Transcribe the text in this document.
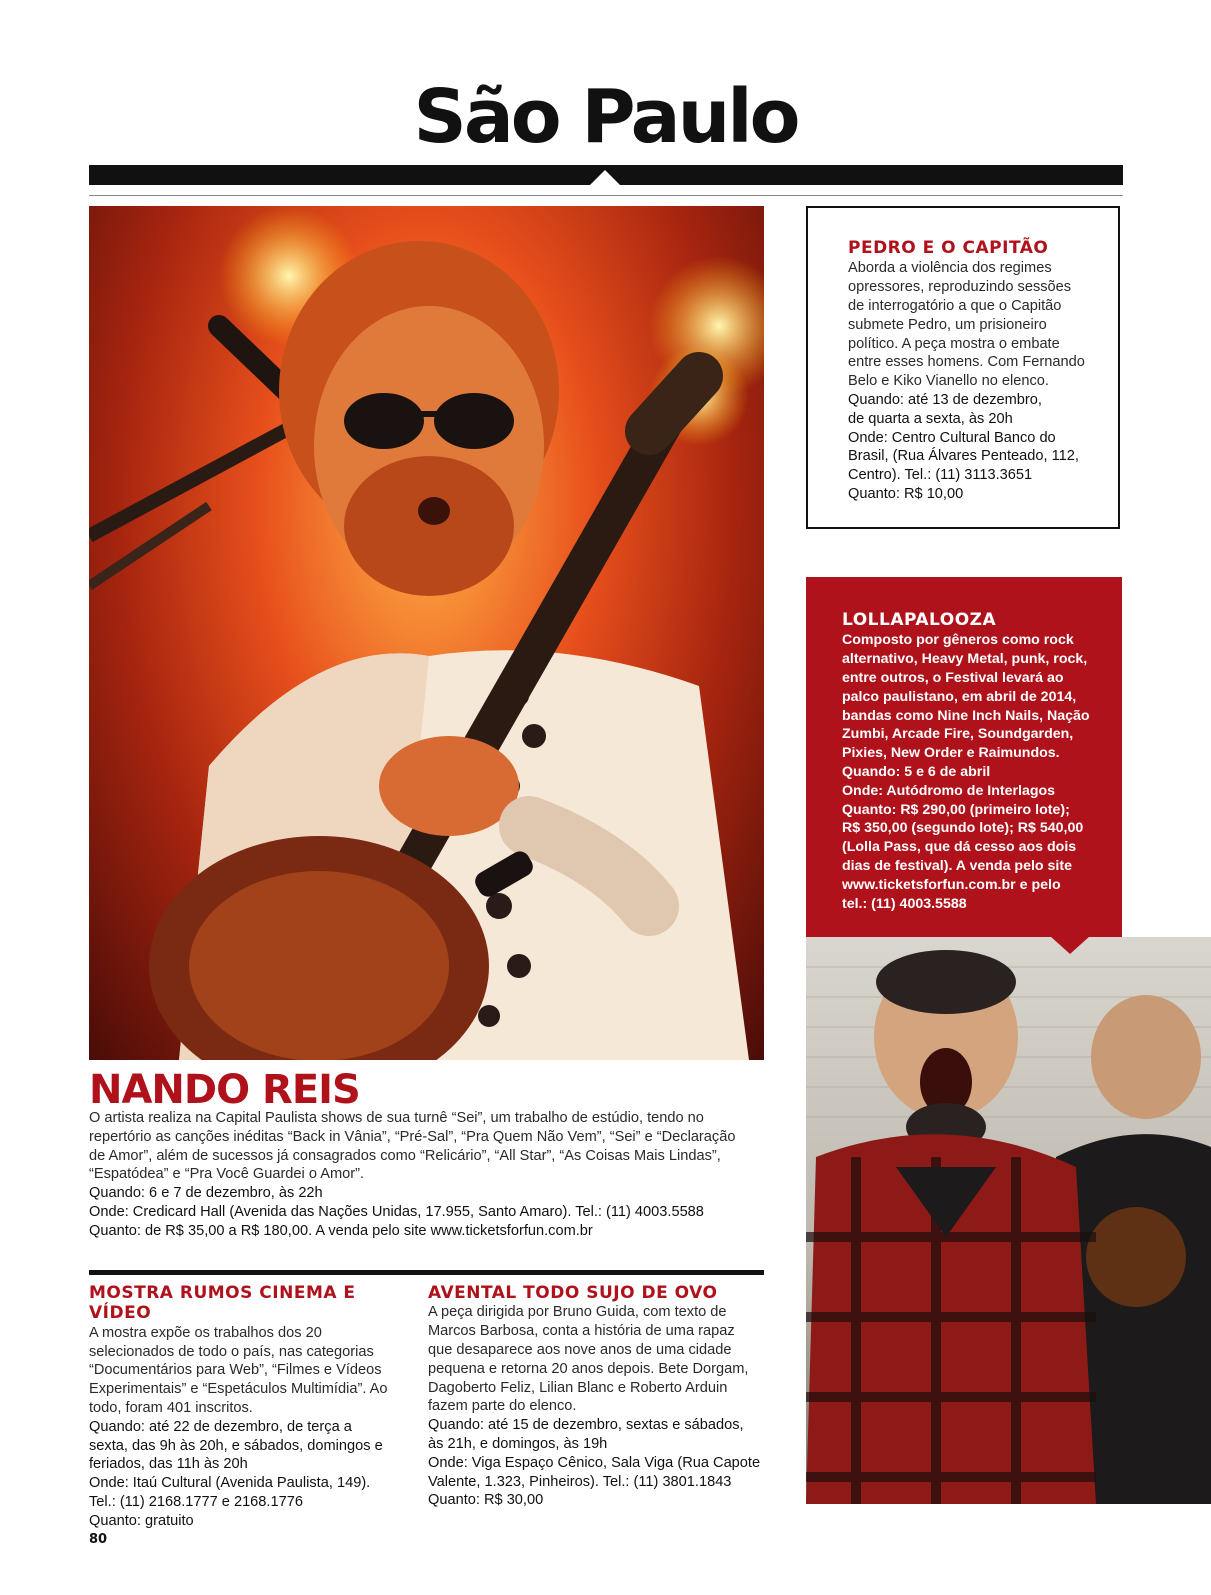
São Paulo
PEDRO E O CAPITÃO
Aborda a violência dos regimes
opressores, reproduzindo sessões
de interrogatório a que o Capitão
submete Pedro, um prisioneiro
político. A peça mostra o embate
entre esses homens. Com Fernando
Belo e Kiko Vianello no elenco.
Quando: até 13 de dezembro,
de quarta a sexta, às 20h
Onde: Centro Cultural Banco do
Brasil, (Rua Álvares Penteado, 112,
Centro). Tel.: (11) 3113.3651
Quanto: R$ 10,00
LOLLAPALOOZA
Composto por gêneros como rock
alternativo, Heavy Metal, punk, rock,
entre outros, o Festival levará ao
palco paulistano, em abril de 2014,
bandas como Nine Inch Nails, Nação
Zumbi, Arcade Fire, Soundgarden,
Pixies, New Order e Raimundos.
Quando: 5 e 6 de abril
Onde: Autódromo de Interlagos
Quanto: R$ 290,00 (primeiro lote);
R$ 350,00 (segundo lote); R$ 540,00
(Lolla Pass, que dá cesso aos dois
dias de festival). A venda pelo site
www.ticketsforfun.com.br e pelo
tel.: (11) 4003.5588
NANDO REIS
O artista realiza na Capital Paulista shows de sua turnê “Sei”, um trabalho de estúdio, tendo no
repertório as canções inéditas “Back in Vânia”, “Pré-Sal”, “Pra Quem Não Vem”, “Sei” e “Declaração
de Amor”, além de sucessos já consagrados como “Relicário”, “All Star”, “As Coisas Mais Lindas”,
“Espatódea” e “Pra Você Guardei o Amor”.
Quando: 6 e 7 de dezembro, às 22h
Onde: Credicard Hall (Avenida das Nações Unidas, 17.955, Santo Amaro). Tel.: (11) 4003.5588
Quanto: de R$ 35,00 a R$ 180,00. A venda pelo site www.ticketsforfun.com.br
MOSTRA RUMOS CINEMA E VÍDEO
A mostra expõe os trabalhos dos 20
selecionados de todo o país, nas categorias
“Documentários para Web”, “Filmes e Vídeos
Experimentais” e “Espetáculos Multimídia”. Ao
todo, foram 401 inscritos.
Quando: até 22 de dezembro, de terça a
sexta, das 9h às 20h, e sábados, domingos e
feriados, das 11h às 20h
Onde: Itaú Cultural (Avenida Paulista, 149).
Tel.: (11) 2168.1777 e 2168.1776
Quanto: gratuito
AVENTAL TODO SUJO DE OVO
A peça dirigida por Bruno Guida, com texto de
Marcos Barbosa, conta a história de uma rapaz
que desaparece aos nove anos de uma cidade
pequena e retorna 20 anos depois. Bete Dorgam,
Dagoberto Feliz, Lilian Blanc e Roberto Arduin
fazem parte do elenco.
Quando: até 15 de dezembro, sextas e sábados,
às 21h, e domingos, às 19h
Onde: Viga Espaço Cênico, Sala Viga (Rua Capote
Valente, 1.323, Pinheiros). Tel.: (11) 3801.1843
Quanto: R$ 30,00
80
